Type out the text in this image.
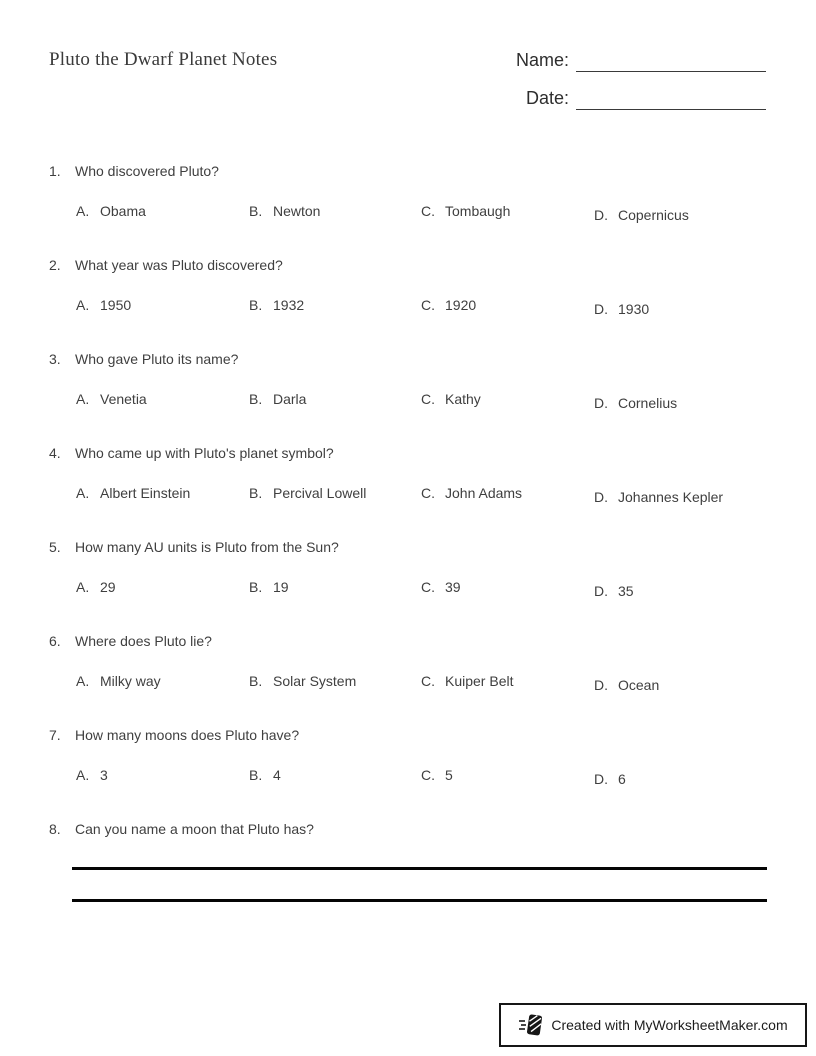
Pluto the Dwarf Planet Notes	Name:
Date:
1.	Who discovered Pluto?
A. Obama	B. Newton	C. Tombaugh	D. Copernicus
2.	What year was Pluto discovered?
A. 1950	B. 1932	C. 1920	D. 1930
3.	Who gave Pluto its name?
A. Venetia	B. Darla	C. Kathy	D. Cornelius
4.	Who came up with Pluto's planet symbol?
A. Albert Einstein	B. Percival Lowell	C. John Adams	D. Johannes Kepler
5.	How many AU units is Pluto from the Sun?
A. 29	B. 19	C. 39	D. 35
6.	Where does Pluto lie?
A. Milky way	B. Solar System	C. Kuiper Belt	D. Ocean
7.	How many moons does Pluto have?
A. 3	B. 4	C. 5	D. 6
8.	Can you name a moon that Pluto has?
Created with MyWorksheetMaker.com
